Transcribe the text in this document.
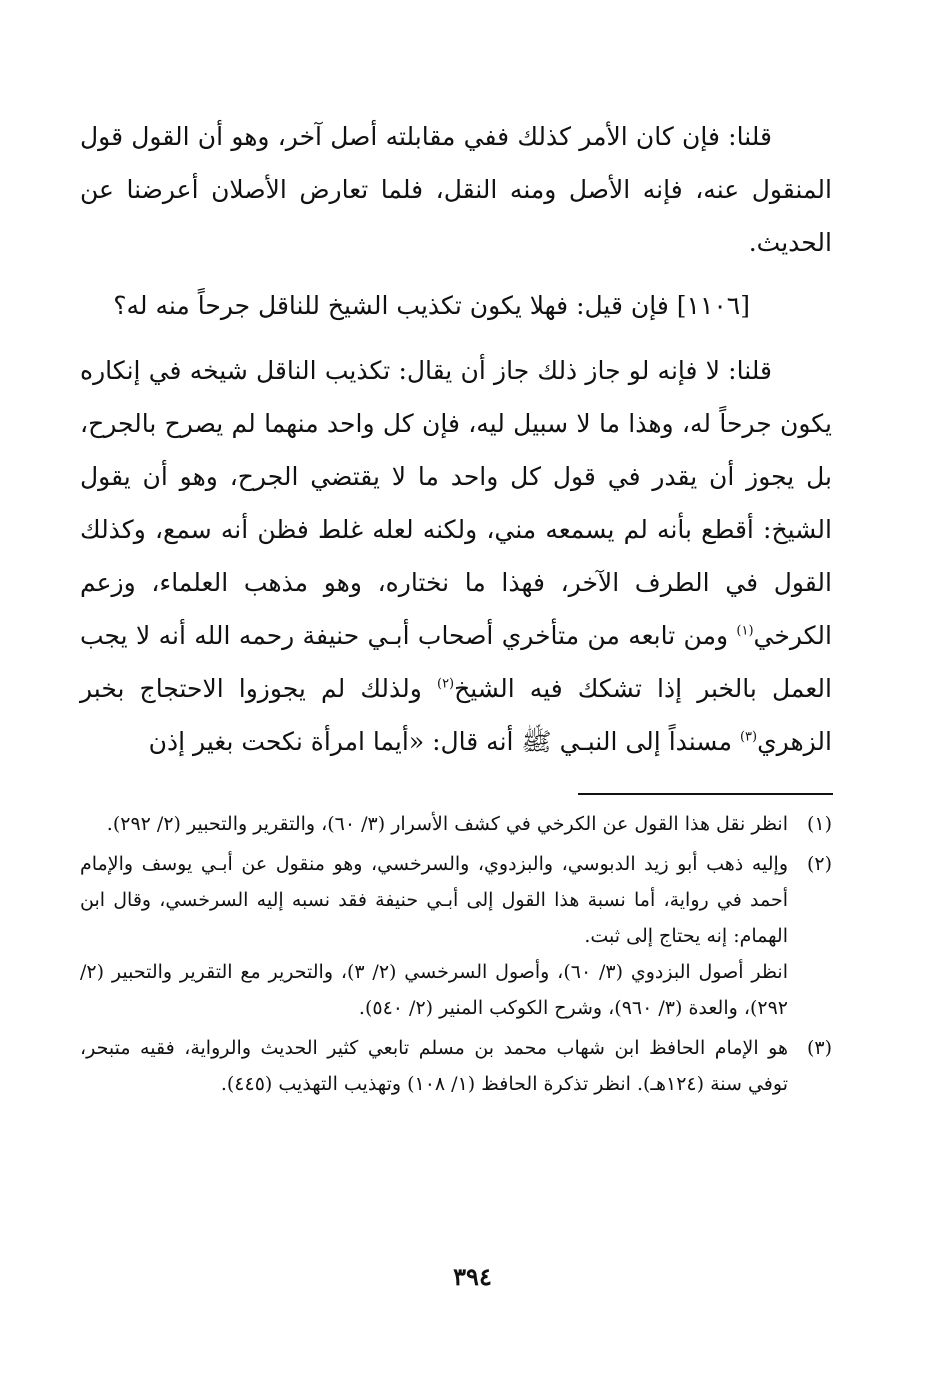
قلنا: فإن كان الأمر كذلك ففي مقابلته أصل آخر، وهو أن القول قول المنقول عنه، فإنه الأصل ومنه النقل، فلما تعارض الأصلان أعرضنا عن الحديث.

[١١٠٦] فإن قيل: فهلا يكون تكذيب الشيخ للناقل جرحاً منه له؟

قلنا: لا فإنه لو جاز ذلك جاز أن يقال: تكذيب الناقل شيخه في إنكاره يكون جرحاً له، وهذا ما لا سبيل ليه، فإن كل واحد منهما لم يصرح بالجرح، بل يجوز أن يقدر في قول كل واحد ما لا يقتضي الجرح، وهو أن يقول الشيخ: أقطع بأنه لم يسمعه مني، ولكنه لعله غلط فظن أنه سمع، وكذلك القول في الطرف الآخر، فهذا ما نختاره، وهو مذهب العلماء، وزعم الكرخي$^{(١)}$ ومن تابعه من متأخري أصحاب أبـي حنيفة رحمه الله أنه لا يجب العمل بالخبر إذا تشكك فيه الشيخ$^{(٢)}$ ولذلك لم يجوزوا الاحتجاج بخبر الزهري$^{(٣)}$ مسنداً إلى النبـي ﷺ أنه قال: «أيما امرأة نكحت بغير إذن

(١)

انظر نقل هذا القول عن الكرخي في كشف الأسرار (٣/ ٦٠)، والتقرير والتحبير (٢/ ٢٩٢).

(٢)

وإليه ذهب أبو زيد الدبوسي، والبزدوي، والسرخسي، وهو منقول عن أبـي يوسف والإمام أحمد في رواية، أما نسبة هذا القول إلى أبـي حنيفة فقد نسبه إليه السرخسي، وقال ابن الهمام: إنه يحتاج إلى ثبت.

انظر أصول البزدوي (٣/ ٦٠)، وأصول السرخسي (٢/ ٣)، والتحرير مع التقرير والتحبير (٢/ ٢٩٢)، والعدة (٣/ ٩٦٠)، وشرح الكوكب المنير (٢/ ٥٤٠).

(٣)

هو الإمام الحافظ ابن شهاب محمد بن مسلم تابعي كثير الحديث والرواية، فقيه متبحر، توفي سنة (١٢٤هـ). انظر تذكرة الحافظ (١/ ١٠٨) وتهذيب التهذيب (٤٤٥).

٣٩٤
